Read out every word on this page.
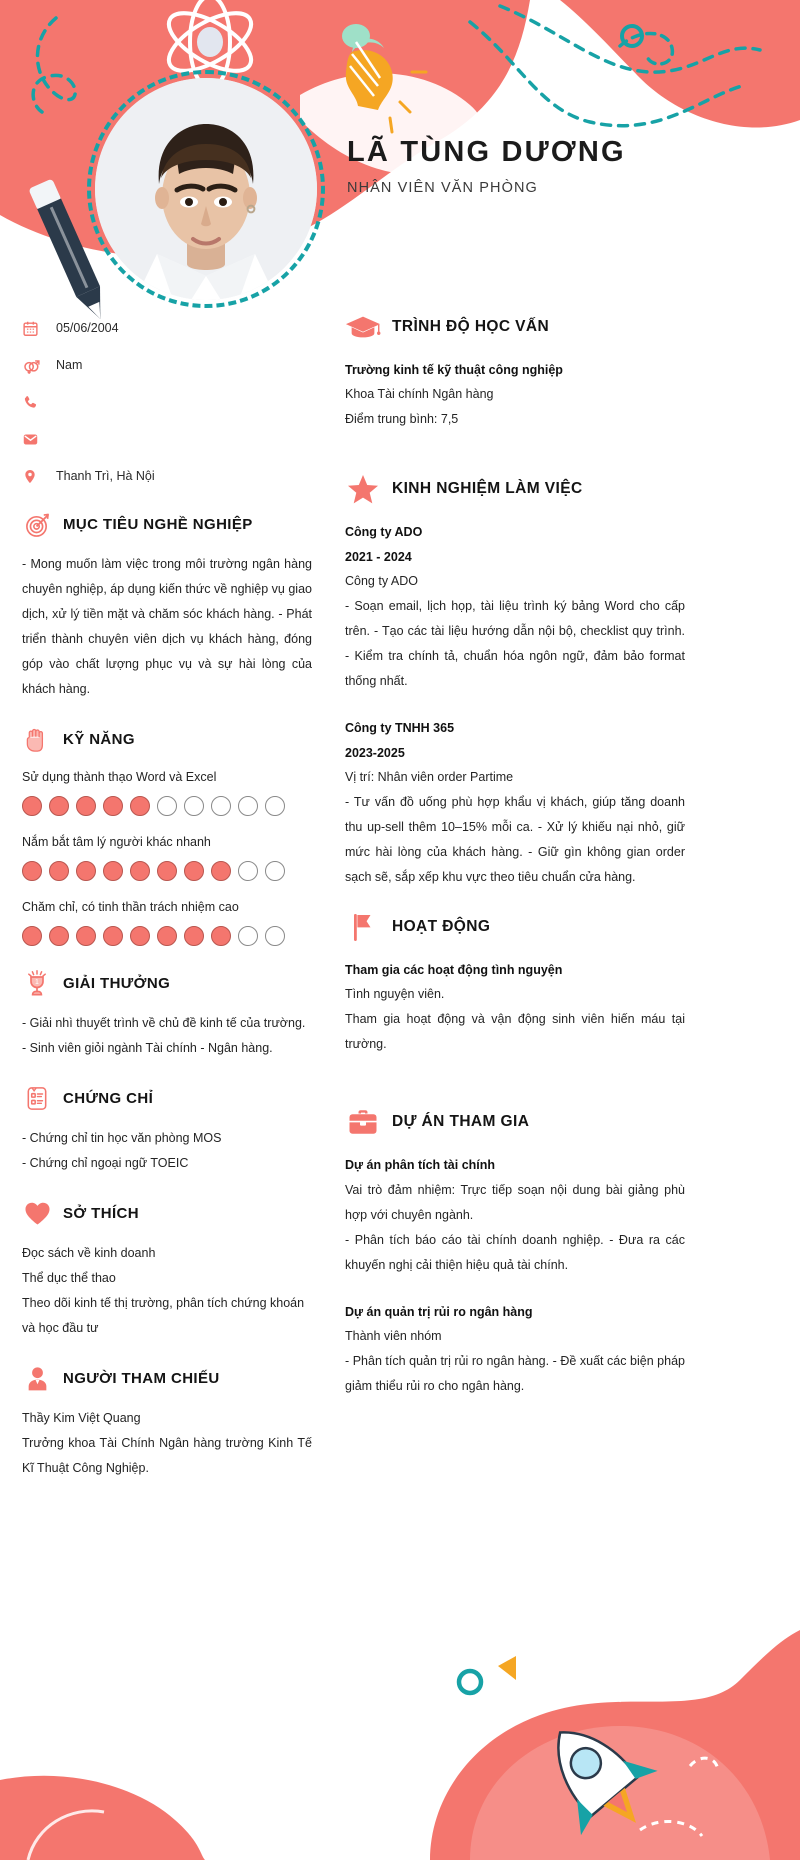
LÃ TÙNG DƯƠNG
NHÂN VIÊN VĂN PHÒNG
05/06/2004
Nam
Thanh Trì, Hà Nội
MỤC TIÊU NGHỀ NGHIỆP
- Mong muốn làm việc trong môi trường ngân hàng chuyên nghiệp, áp dụng kiến thức về nghiệp vụ giao dịch, xử lý tiền mặt và chăm sóc khách hàng. - Phát triển thành chuyên viên dịch vụ khách hàng, đóng góp vào chất lượng phục vụ và sự hài lòng của khách hàng.
KỸ NĂNG
Sử dụng thành thạo Word và Excel
Nắm bắt tâm lý người khác nhanh
Chăm chỉ, có tinh thần trách nhiệm cao
1 GIẢI THƯỞNG
- Giải nhì thuyết trình về chủ đề kinh tế của trường.
- Sinh viên giỏi ngành Tài chính - Ngân hàng.
CHỨNG CHỈ
- Chứng chỉ tin học văn phòng MOS
- Chứng chỉ ngoại ngữ TOEIC
SỞ THÍCH
Đọc sách về kinh doanh
Thể dục thể thao
Theo dõi kinh tế thị trường, phân tích chứng khoán và học đầu tư
NGƯỜI THAM CHIẾU
Thầy Kim Việt Quang
Trưởng khoa Tài Chính Ngân hàng trường Kinh Tế Kĩ Thuật Công Nghiệp.
TRÌNH ĐỘ HỌC VẤN
Trường kinh tế kỹ thuật công nghiệp
Khoa Tài chính Ngân hàng
Điểm trung bình: 7,5
KINH NGHIỆM LÀM VIỆC
Công ty ADO
2021 - 2024
Công ty ADO
- Soạn email, lịch họp, tài liệu trình ký bảng Word cho cấp trên. - Tạo các tài liệu hướng dẫn nội bộ, checklist quy trình. - Kiểm tra chính tả, chuẩn hóa ngôn ngữ, đảm bảo format thống nhất.
Công ty TNHH 365
2023-2025
Vị trí: Nhân viên order Partime
- Tư vấn đồ uống phù hợp khẩu vị khách, giúp tăng doanh thu up-sell thêm 10–15% mỗi ca. - Xử lý khiếu nại nhỏ, giữ mức hài lòng của khách hàng. - Giữ gìn không gian order sạch sẽ, sắp xếp khu vực theo tiêu chuẩn cửa hàng.
HOẠT ĐỘNG
Tham gia các hoạt động tình nguyện
Tình nguyện viên.
Tham gia hoạt động và vận động sinh viên hiến máu tại trường.
DỰ ÁN THAM GIA
Dự án phân tích tài chính
Vai trò đảm nhiệm: Trực tiếp soạn nội dung bài giảng phù hợp với chuyên ngành.
- Phân tích báo cáo tài chính doanh nghiệp. - Đưa ra các khuyến nghị cải thiện hiệu quả tài chính.
Dự án quản trị rủi ro ngân hàng
Thành viên nhóm
- Phân tích quản trị rủi ro ngân hàng. - Đề xuất các biện pháp giảm thiểu rủi ro cho ngân hàng.
